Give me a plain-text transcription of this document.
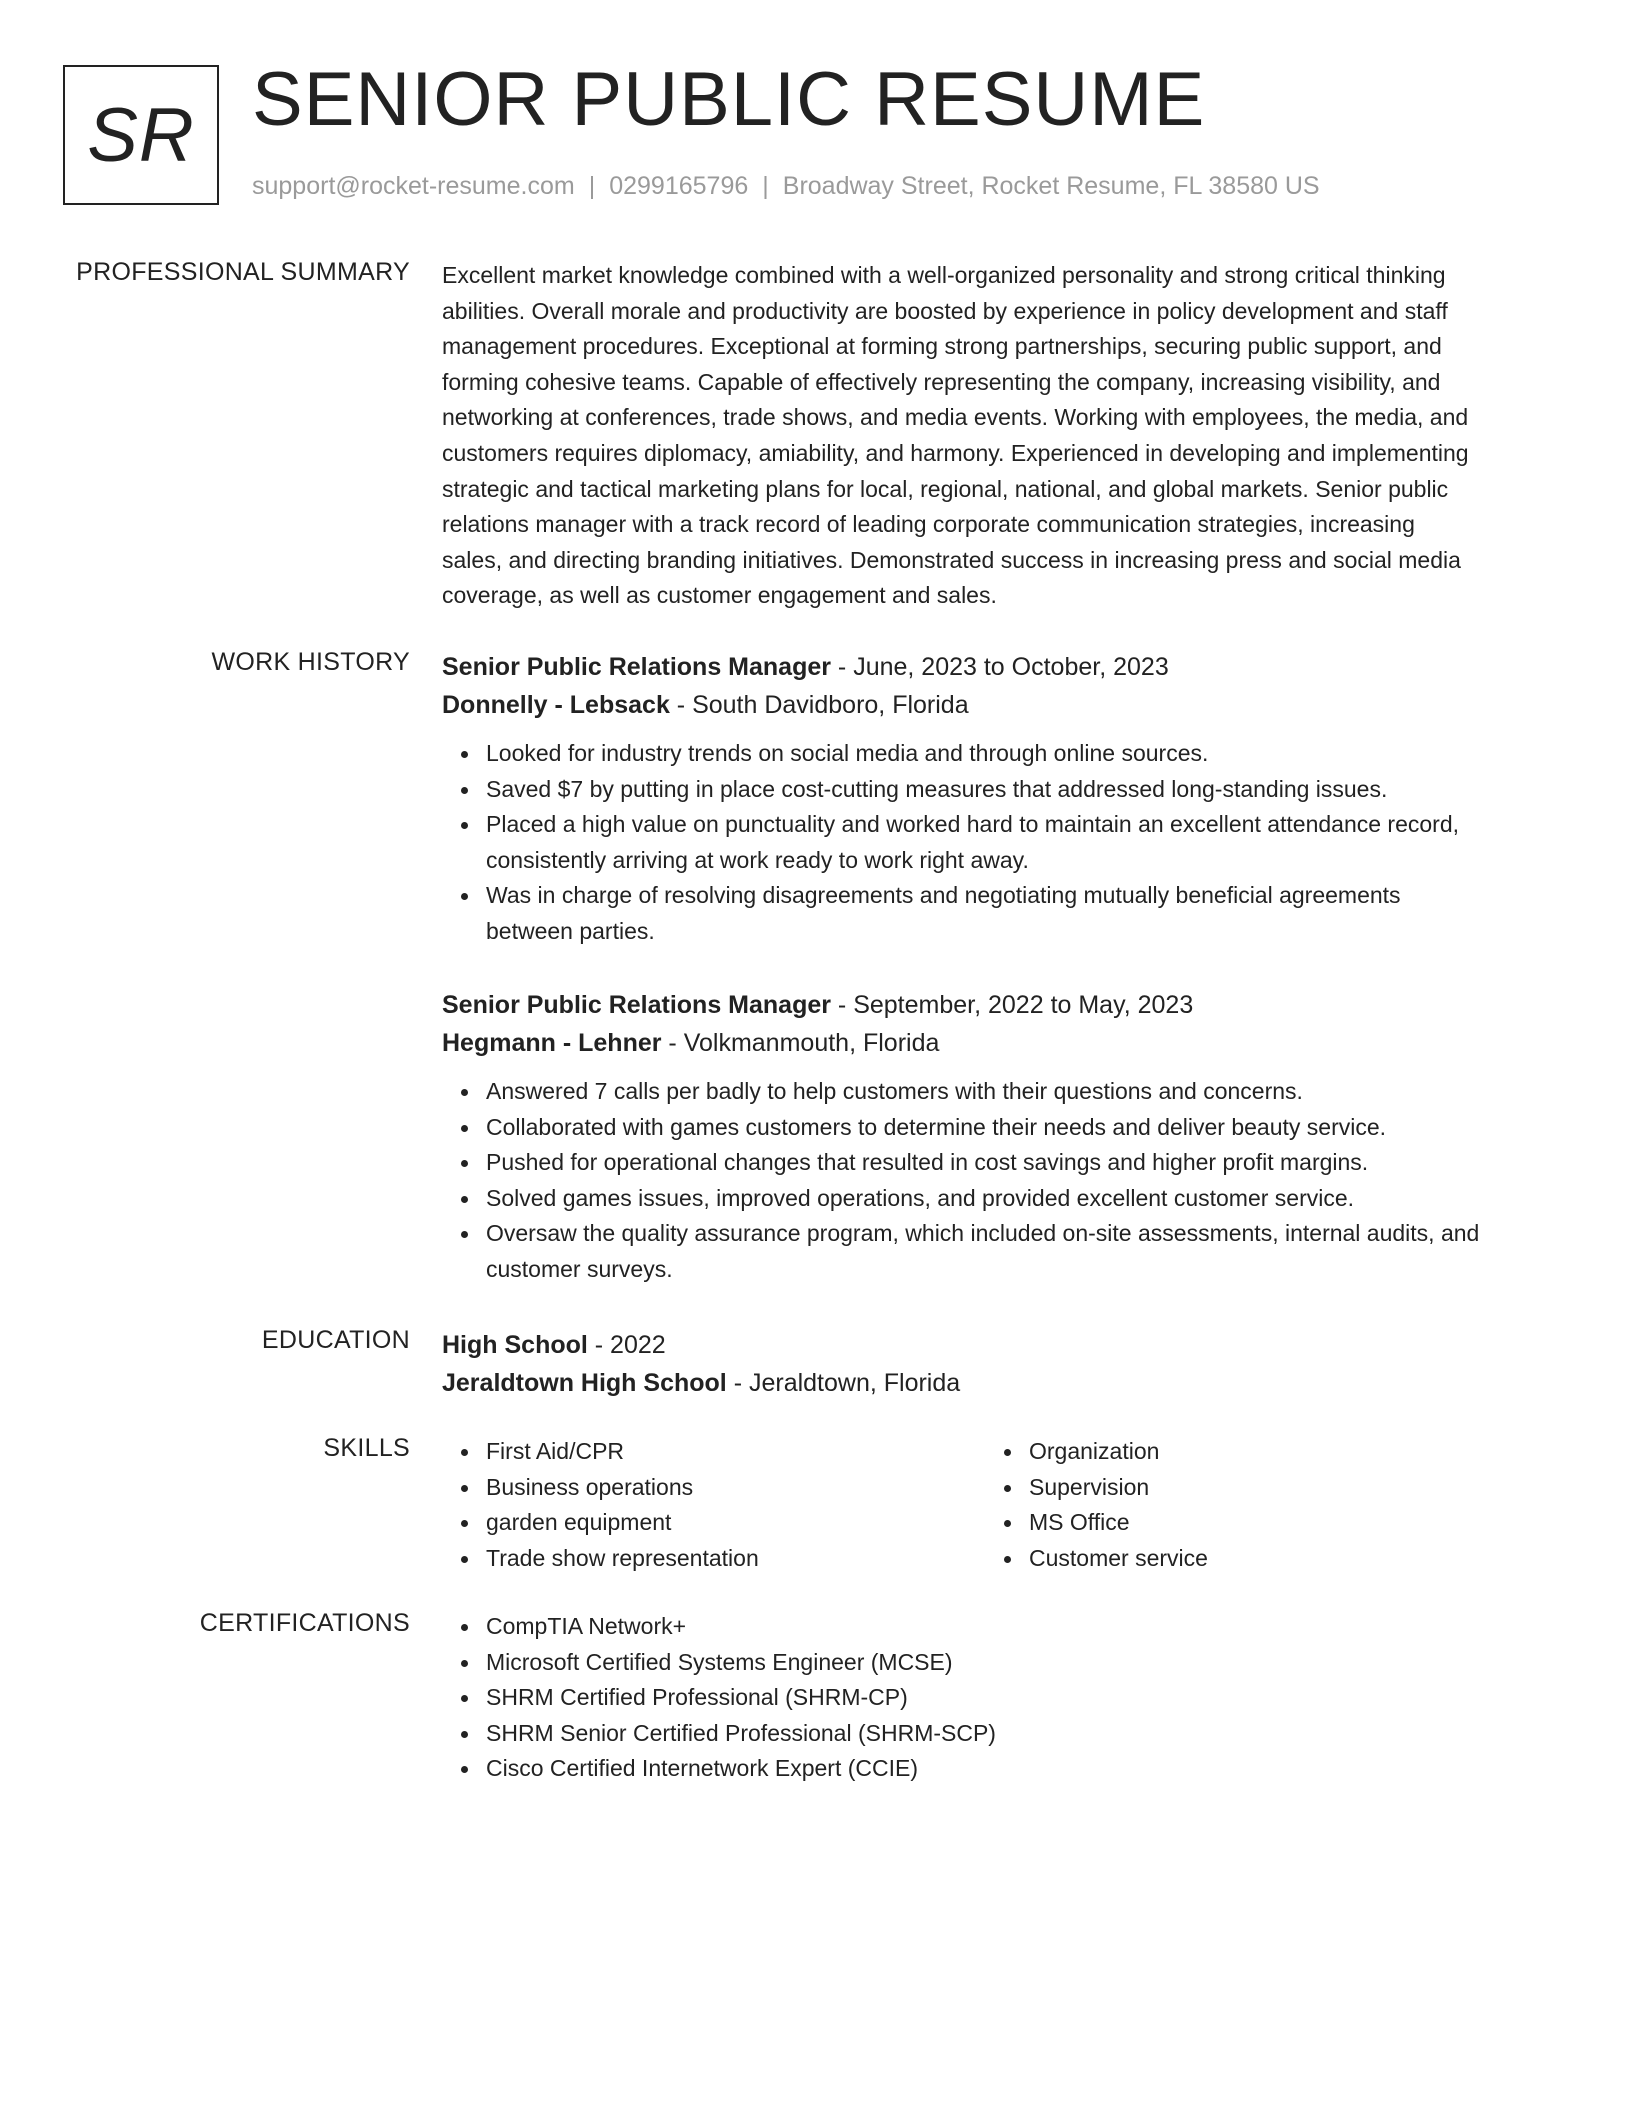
SR SENIOR PUBLIC RESUME
support@rocket-resume.com | 0299165796 | Broadway Street, Rocket Resume, FL 38580 US
PROFESSIONAL SUMMARY Excellent market knowledge combined with a well-organized personality and strong critical thinking
abilities. Overall morale and productivity are boosted by experience in policy development and staff
management procedures. Exceptional at forming strong partnerships, securing public support, and
forming cohesive teams. Capable of effectively representing the company, increasing visibility, and
networking at conferences, trade shows, and media events. Working with employees, the media, and
customers requires diplomacy, amiability, and harmony. Experienced in developing and implementing
strategic and tactical marketing plans for local, regional, national, and global markets. Senior public
relations manager with a track record of leading corporate communication strategies, increasing
sales, and directing branding initiatives. Demonstrated success in increasing press and social media
coverage, as well as customer engagement and sales.
WORK HISTORY Senior Public Relations Manager - June, 2023 to October, 2023
Donnelly - Lebsack - South Davidboro, Florida
Looked for industry trends on social media and through online sources.
Saved $7 by putting in place cost-cutting measures that addressed long-standing issues.
Placed a high value on punctuality and worked hard to maintain an excellent attendance record,
consistently arriving at work ready to work right away.
Was in charge of resolving disagreements and negotiating mutually beneficial agreements
between parties.
Senior Public Relations Manager - September, 2022 to May, 2023
Hegmann - Lehner - Volkmanmouth, Florida
Answered 7 calls per badly to help customers with their questions and concerns.
Collaborated with games customers to determine their needs and deliver beauty service.
Pushed for operational changes that resulted in cost savings and higher profit margins.
Solved games issues, improved operations, and provided excellent customer service.
Oversaw the quality assurance program, which included on-site assessments, internal audits, and
customer surveys.
EDUCATION High School - 2022
Jeraldtown High School - Jeraldtown, Florida
SKILLS	First Aid/CPR
Business operations
garden equipment
Trade show representation
Organization
Supervision
MS Office
Customer service
CERTIFICATIONS	CompTIA Network+
Microsoft Certified Systems Engineer (MCSE)
SHRM Certified Professional (SHRM-CP)
SHRM Senior Certified Professional (SHRM-SCP)
Cisco Certified Internetwork Expert (CCIE)
